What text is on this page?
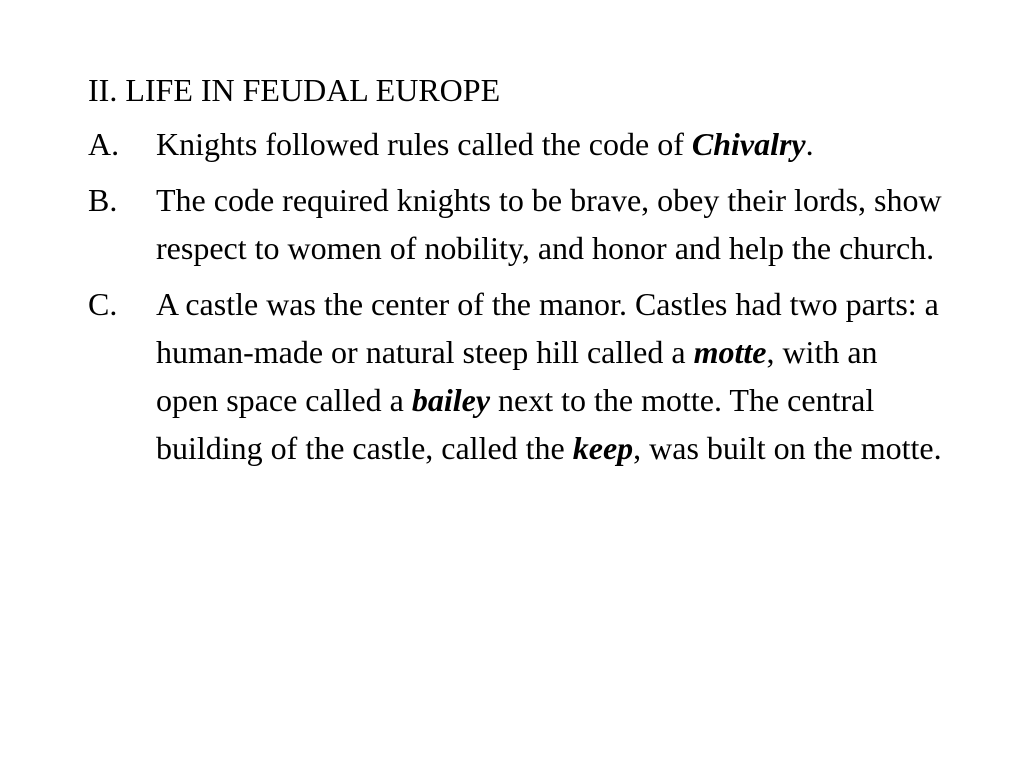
II. LIFE IN FEUDAL EUROPE
A.	Knights followed rules called the code of Chivalry.
B.	The code required knights to be brave, obey their lords, show respect to women of nobility, and honor and help the church.
C.	A castle was the center of the manor. Castles had two parts: a human-made or natural steep hill called a motte, with an open space called a bailey next to the motte. The central building of the castle, called the keep, was built on the motte.
